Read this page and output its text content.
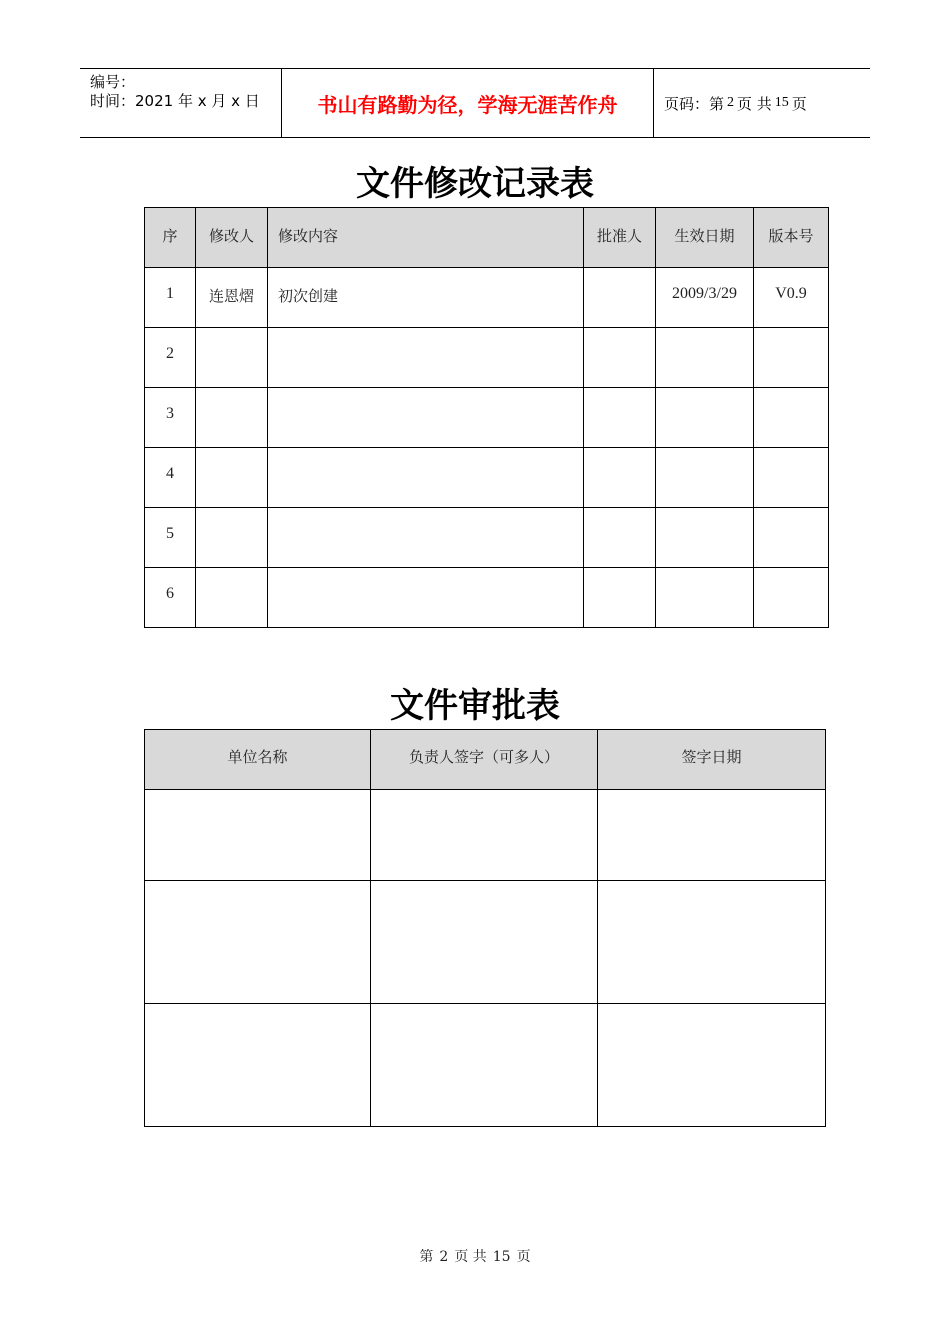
编号：
时间：2021 年 x 月 x 日	书山有路勤为径，学海无涯苦作舟	页码：第 2 页 共 15 页
文件修改记录表
序	修改人	修改内容	批准人	生效日期	版本号
1	连恩熠	初次创建		2009/3/29	V0.9
2					
3					
4					
5					
6					
文件审批表
单位名称	负责人签字（可多人）	签字日期

第 2 页 共 15 页
